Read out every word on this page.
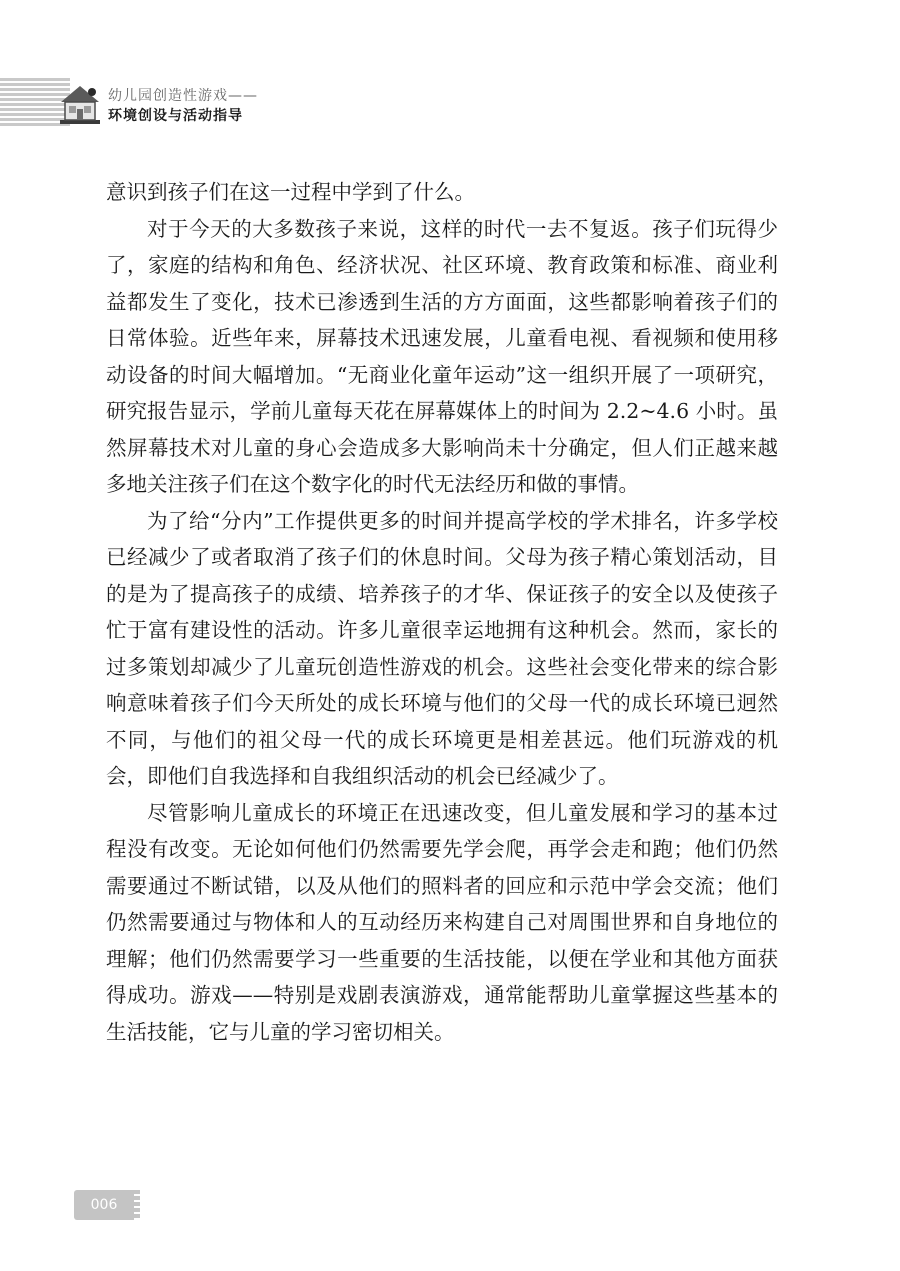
幼儿园创造性游戏——
环境创设与活动指导

意识到孩子们在这一过程中学到了什么。

对于今天的大多数孩子来说，这样的时代一去不复返。孩子们玩得少了，家庭的结构和角色、经济状况、社区环境、教育政策和标准、商业利益都发生了变化，技术已渗透到生活的方方面面，这些都影响着孩子们的日常体验。近些年来，屏幕技术迅速发展，儿童看电视、看视频和使用移动设备的时间大幅增加。“无商业化童年运动”这一组织开展了一项研究，研究报告显示，学前儿童每天花在屏幕媒体上的时间为 2.2~4.6 小时。虽然屏幕技术对儿童的身心会造成多大影响尚未十分确定，但人们正越来越多地关注孩子们在这个数字化的时代无法经历和做的事情。

为了给“分内”工作提供更多的时间并提高学校的学术排名，许多学校已经减少了或者取消了孩子们的休息时间。父母为孩子精心策划活动，目的是为了提高孩子的成绩、培养孩子的才华、保证孩子的安全以及使孩子忙于富有建设性的活动。许多儿童很幸运地拥有这种机会。然而，家长的过多策划却减少了儿童玩创造性游戏的机会。这些社会变化带来的综合影响意味着孩子们今天所处的成长环境与他们的父母一代的成长环境已迥然不同，与他们的祖父母一代的成长环境更是相差甚远。他们玩游戏的机会，即他们自我选择和自我组织活动的机会已经减少了。

尽管影响儿童成长的环境正在迅速改变，但儿童发展和学习的基本过程没有改变。无论如何他们仍然需要先学会爬，再学会走和跑；他们仍然需要通过不断试错，以及从他们的照料者的回应和示范中学会交流；他们仍然需要通过与物体和人的互动经历来构建自己对周围世界和自身地位的理解；他们仍然需要学习一些重要的生活技能，以便在学业和其他方面获得成功。游戏——特别是戏剧表演游戏，通常能帮助儿童掌握这些基本的生活技能，它与儿童的学习密切相关。

006
